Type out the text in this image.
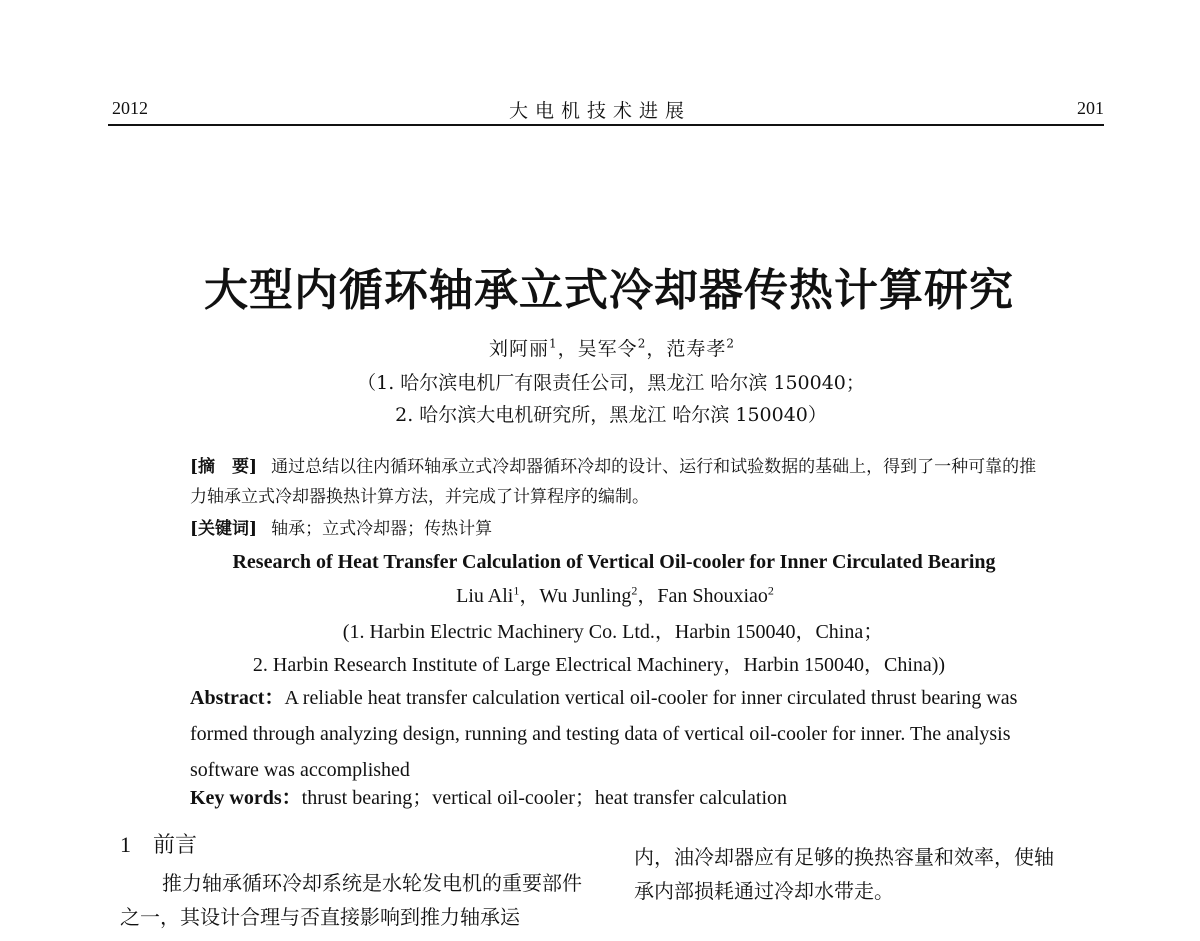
2012	大电机技术进展	201
大型内循环轴承立式冷却器传热计算研究
刘阿丽$^1$，吴军令$^2$，范寿孝$^2$
（1. 哈尔滨电机厂有限责任公司，黑龙江 哈尔滨 150040；
2. 哈尔滨大电机研究所，黑龙江 哈尔滨 150040）
[摘　要] 通过总结以往内循环轴承立式冷却器循环冷却的设计、运行和试验数据的基础上，得到了一种可靠的推力轴承立式冷却器换热计算方法，并完成了计算程序的编制。
[关键词] 轴承；立式冷却器；传热计算
Research of Heat Transfer Calculation of Vertical Oil-cooler for Inner Circulated Bearing
Liu Ali$^1$，Wu Junling$^2$，Fan Shouxiao$^2$
(1. Harbin Electric Machinery Co. Ltd.，Harbin 150040，China；
2. Harbin Research Institute of Large Electrical Machinery，Harbin 150040，China))
Abstract：A reliable heat transfer calculation vertical oil-cooler for inner circulated thrust bearing was formed through analyzing design, running and testing data of vertical oil-cooler for inner. The analysis software was accomplished
Key words：thrust bearing；vertical oil-cooler；heat transfer calculation
1 前言
推力轴承循环冷却系统是水轮发电机的重要部件之一，其设计合理与否直接影响到推力轴承运
内，油冷却器应有足够的换热容量和效率，使轴承内部损耗通过冷却水带走。
